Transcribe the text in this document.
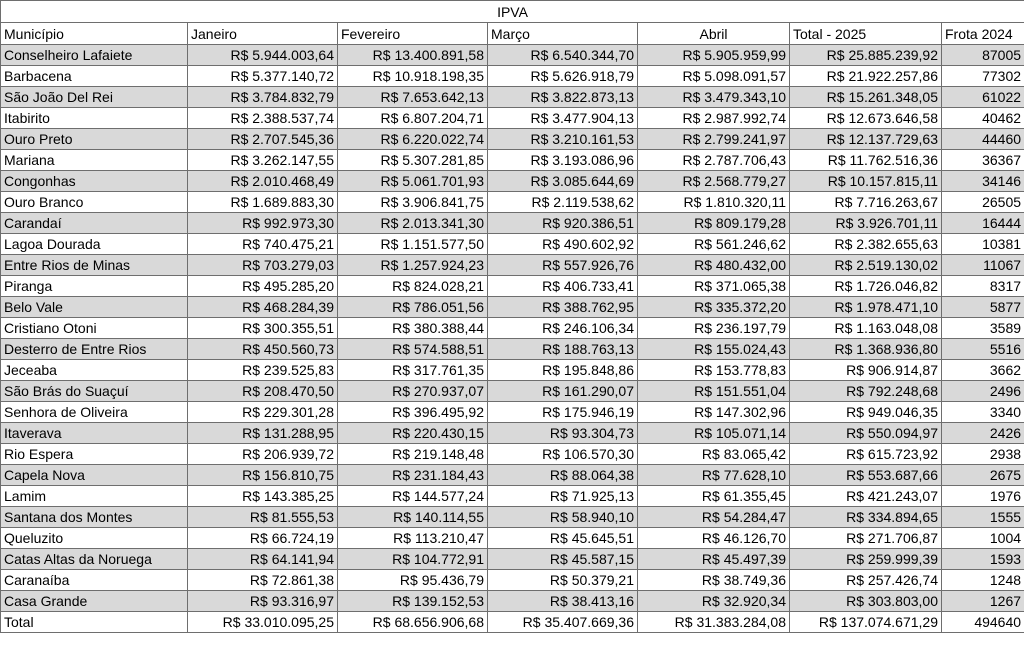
IPVA						
Município	Janeiro	Fevereiro	Março	Abril	Total - 2025	Frota 2024
Conselheiro Lafaiete	R$ 5.944.003,64	R$ 13.400.891,58	R$ 6.540.344,70	R$ 5.905.959,99	R$ 25.885.239,92	87005
Barbacena	R$ 5.377.140,72	R$ 10.918.198,35	R$ 5.626.918,79	R$ 5.098.091,57	R$ 21.922.257,86	77302
São João Del Rei	R$ 3.784.832,79	R$ 7.653.642,13	R$ 3.822.873,13	R$ 3.479.343,10	R$ 15.261.348,05	61022
Itabirito	R$ 2.388.537,74	R$ 6.807.204,71	R$ 3.477.904,13	R$ 2.987.992,74	R$ 12.673.646,58	40462
Ouro Preto	R$ 2.707.545,36	R$ 6.220.022,74	R$ 3.210.161,53	R$ 2.799.241,97	R$ 12.137.729,63	44460
Mariana	R$ 3.262.147,55	R$ 5.307.281,85	R$ 3.193.086,96	R$ 2.787.706,43	R$ 11.762.516,36	36367
Congonhas	R$ 2.010.468,49	R$ 5.061.701,93	R$ 3.085.644,69	R$ 2.568.779,27	R$ 10.157.815,11	34146
Ouro Branco	R$ 1.689.883,30	R$ 3.906.841,75	R$ 2.119.538,62	R$ 1.810.320,11	R$ 7.716.263,67	26505
Carandaí	R$ 992.973,30	R$ 2.013.341,30	R$ 920.386,51	R$ 809.179,28	R$ 3.926.701,11	16444
Lagoa Dourada	R$ 740.475,21	R$ 1.151.577,50	R$ 490.602,92	R$ 561.246,62	R$ 2.382.655,63	10381
Entre Rios de Minas	R$ 703.279,03	R$ 1.257.924,23	R$ 557.926,76	R$ 480.432,00	R$ 2.519.130,02	11067
Piranga	R$ 495.285,20	R$ 824.028,21	R$ 406.733,41	R$ 371.065,38	R$ 1.726.046,82	8317
Belo Vale	R$ 468.284,39	R$ 786.051,56	R$ 388.762,95	R$ 335.372,20	R$ 1.978.471,10	5877
Cristiano Otoni	R$ 300.355,51	R$ 380.388,44	R$ 246.106,34	R$ 236.197,79	R$ 1.163.048,08	3589
Desterro de Entre Rios	R$ 450.560,73	R$ 574.588,51	R$ 188.763,13	R$ 155.024,43	R$ 1.368.936,80	5516
Jeceaba	R$ 239.525,83	R$ 317.761,35	R$ 195.848,86	R$ 153.778,83	R$ 906.914,87	3662
São Brás do Suaçuí	R$ 208.470,50	R$ 270.937,07	R$ 161.290,07	R$ 151.551,04	R$ 792.248,68	2496
Senhora de Oliveira	R$ 229.301,28	R$ 396.495,92	R$ 175.946,19	R$ 147.302,96	R$ 949.046,35	3340
Itaverava	R$ 131.288,95	R$ 220.430,15	R$ 93.304,73	R$ 105.071,14	R$ 550.094,97	2426
Rio Espera	R$ 206.939,72	R$ 219.148,48	R$ 106.570,30	R$ 83.065,42	R$ 615.723,92	2938
Capela Nova	R$ 156.810,75	R$ 231.184,43	R$ 88.064,38	R$ 77.628,10	R$ 553.687,66	2675
Lamim	R$ 143.385,25	R$ 144.577,24	R$ 71.925,13	R$ 61.355,45	R$ 421.243,07	1976
Santana dos Montes	R$ 81.555,53	R$ 140.114,55	R$ 58.940,10	R$ 54.284,47	R$ 334.894,65	1555
Queluzito	R$ 66.724,19	R$ 113.210,47	R$ 45.645,51	R$ 46.126,70	R$ 271.706,87	1004
Catas Altas da Noruega	R$ 64.141,94	R$ 104.772,91	R$ 45.587,15	R$ 45.497,39	R$ 259.999,39	1593
Caranaíba	R$ 72.861,38	R$ 95.436,79	R$ 50.379,21	R$ 38.749,36	R$ 257.426,74	1248
Casa Grande	R$ 93.316,97	R$ 139.152,53	R$ 38.413,16	R$ 32.920,34	R$ 303.803,00	1267
Total	R$ 33.010.095,25	R$ 68.656.906,68	R$ 35.407.669,36	R$ 31.383.284,08	R$ 137.074.671,29	494640
